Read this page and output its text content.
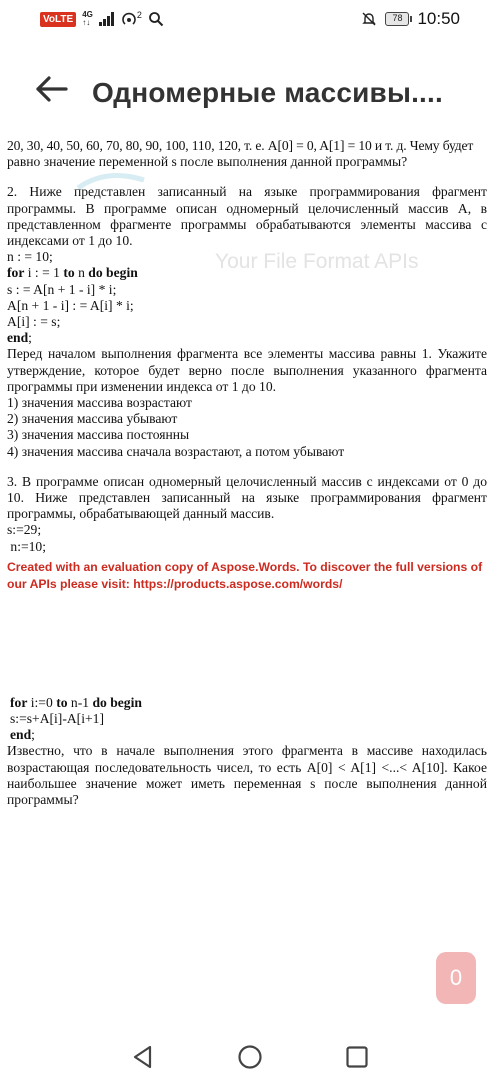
VoLTE	4G
↑↓
2	78 10:50
Одномерные массивы....
Your File Format APIs

20, 30, 40, 50, 60, 70, 80, 90, 100, 110, 120, т. е. A[0] = 0, A[1] = 10 и т. д. Чему будет

равно значение переменной s после выполнения данной программы?

2. Ниже представлен записанный на языке программирования фрагмент программы. В программе описан одномерный целочисленный массив A, в представленном фрагменте программы обрабатываются элементы массива с индексами от 1 до 10.

n : = 10;

for i : = 1 to n do begin

s : = A[n + 1 - i] * i;

A[n + 1 - i] : = A[i] * i;

A[i] : = s;

end;

Перед началом выполнения фрагмента все элементы массива равны 1. Укажите утверждение, которое будет верно после выполнения указанного фрагмента программы при изменении индекса от 1 до 10.

1) значения массива возрастают

2) значения массива убывают

3) значения массива постоянны

4) значения массива сначала возрастают, а потом убывают

3. В программе описан одномерный целочисленный массив с индексами от 0 до 10. Ниже представлен записанный на языке программирования фрагмент программы, обрабатывающей данный массив.

s:=29;

n:=10;

Created with an evaluation copy of Aspose.Words. To discover the full versions of our APIs please visit: https://products.aspose.com/words/

for i:=0 to n-1 do begin

s:=s+A[i]-A[i+1]

end;

Известно, что в начале выполнения этого фрагмента в массиве находилась возрастающая последовательность чисел, то есть A[0] < A[1] <...< A[10]. Какое наибольшее значение может иметь переменная s после выполнения данной программы?

0
